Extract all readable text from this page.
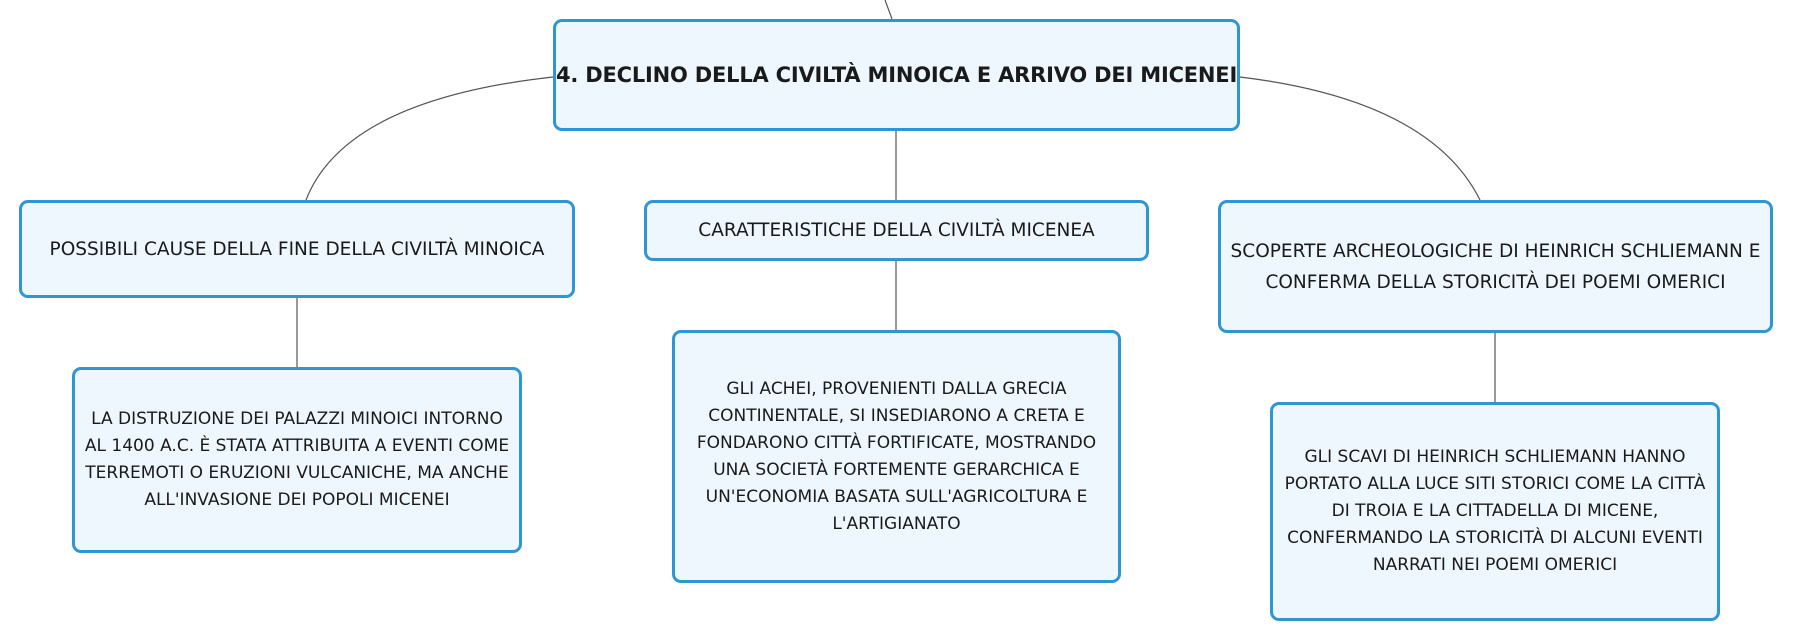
4. DECLINO DELLA CIVILTÀ MINOICA E ARRIVO DEI MICENEI
POSSIBILI CAUSE DELLA FINE DELLA CIVILTÀ MINOICA
CARATTERISTICHE DELLA CIVILTÀ MICENEA
SCOPERTE ARCHEOLOGICHE DI HEINRICH SCHLIEMANN E CONFERMA DELLA STORICITÀ DEI POEMI OMERICI
LA DISTRUZIONE DEI PALAZZI MINOICI INTORNO AL 1400 A.C. È STATA ATTRIBUITA A EVENTI COME TERREMOTI O ERUZIONI VULCANICHE, MA ANCHE ALL'INVASIONE DEI POPOLI MICENEI
GLI ACHEI, PROVENIENTI DALLA GRECIA CONTINENTALE, SI INSEDIARONO A CRETA E FONDARONO CITTÀ FORTIFICATE, MOSTRANDO UNA SOCIETÀ FORTEMENTE GERARCHICA E UN'ECONOMIA BASATA SULL'AGRICOLTURA E L'ARTIGIANATO
GLI SCAVI DI HEINRICH SCHLIEMANN HANNO PORTATO ALLA LUCE SITI STORICI COME LA CITTÀ DI TROIA E LA CITTADELLA DI MICENE, CONFERMANDO LA STORICITÀ DI ALCUNI EVENTI NARRATI NEI POEMI OMERICI
